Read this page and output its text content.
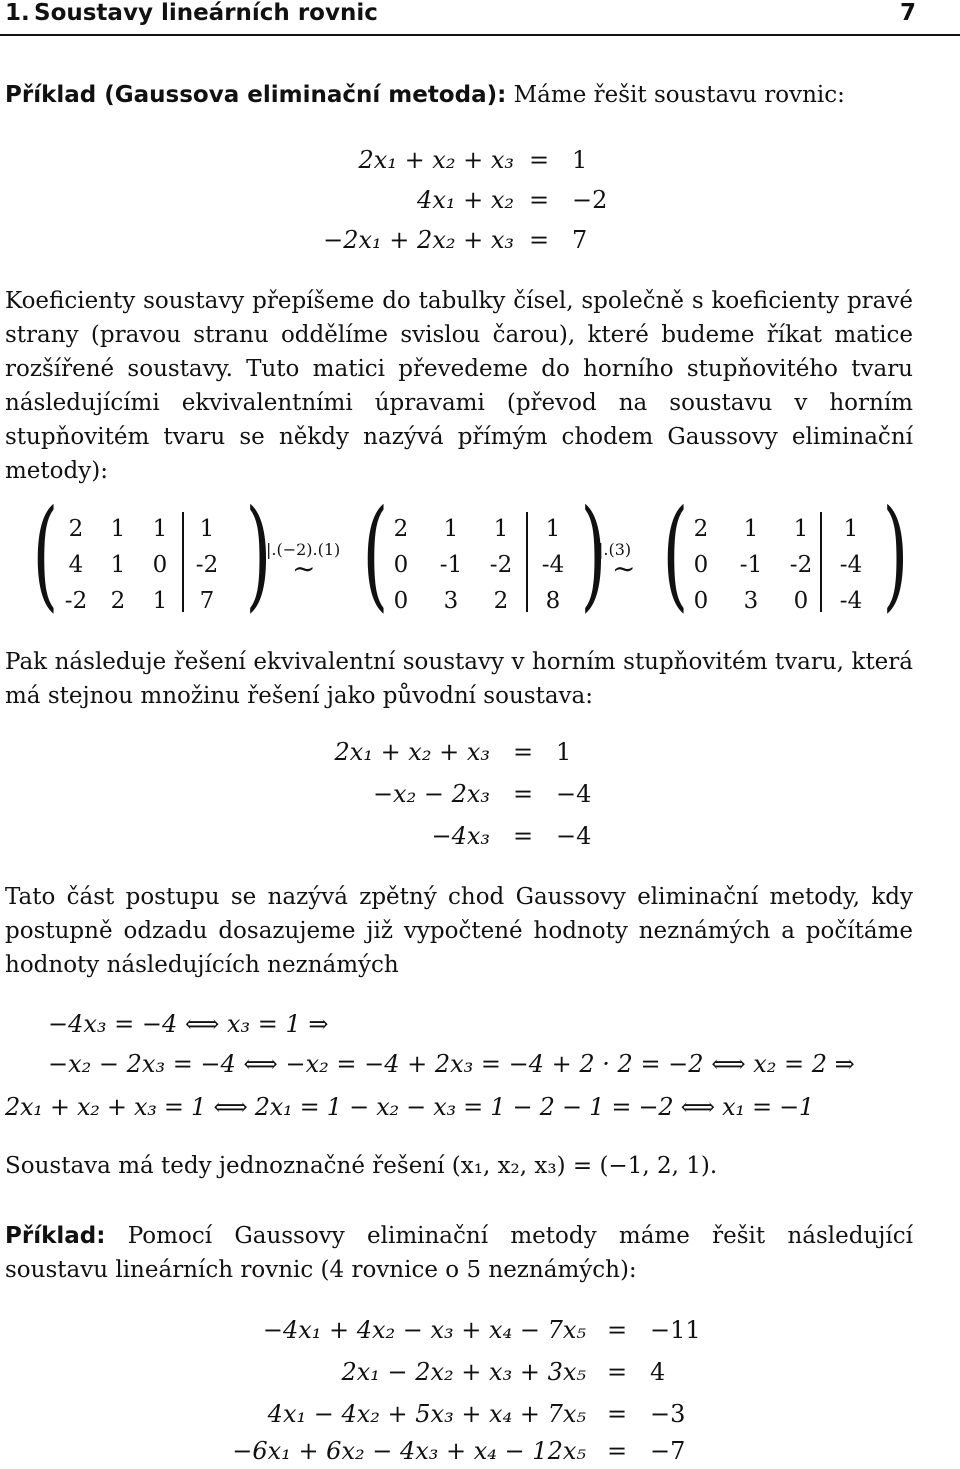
1. Soustavy lineárních rovnic	7
Příklad (Gaussova eliminační metoda): Máme řešit soustavu rovnic:
2x₁ + x₂ + x₃ = 1
4x₁ + x₂ = −2
−2x₁ + 2x₂ + x₃ = 7

Koeficienty soustavy přepíšeme do tabulky čísel, společně s koeficienty pravé strany (pravou stranu oddělíme svislou čarou), které budeme říkat matice rozšířené soustavy. Tuto matici převedeme do horního stupňovitého tvaru následujícími ekvivalentními úpravami (převod na soustavu v horním stupňovitém tvaru se někdy nazývá přímým chodem Gaussovy eliminační metody):

( )
2	1	1	1
4	1	0	-2
-2	2	1	7
|.(−2).(1)
∼ ( )
2	1	1	1
0	-1 -2 -4
0	3	2	8
|.(3)
∼ ( )
2	1	1	1
0	-1 -2 -4
0	3	0	-4

Pak následuje řešení ekvivalentní soustavy v horním stupňovitém tvaru, která má stejnou množinu řešení jako původní soustava:

2x₁ + x₂ + x₃ = 1
−x₂ − 2x₃ = −4
−4x₃ = −4

Tato část postupu se nazývá zpětný chod Gaussovy eliminační metody, kdy postupně odzadu dosazujeme již vypočtené hodnoty neznámých a počítáme hodnoty následujících neznámých

−4x₃ = −4 ⟺ x₃ = 1 ⇒
−x₂ − 2x₃ = −4 ⟺ −x₂ = −4 + 2x₃ = −4 + 2 · 2 = −2 ⟺ x₂ = 2 ⇒
2x₁ + x₂ + x₃ = 1 ⟺ 2x₁ = 1 − x₂ − x₃ = 1 − 2 − 1 = −2 ⟺ x₁ = −1
Soustava má tedy jednoznačné řešení (x₁, x₂, x₃) = (−1, 2, 1).

Příklad: Pomocí Gaussovy eliminační metody máme řešit následující soustavu lineárních rovnic (4 rovnice o 5 neznámých):

−4x₁ + 4x₂ − x₃ + x₄ − 7x₅ = −11
2x₁ − 2x₂ + x₃ + 3x₅ = 4
4x₁ − 4x₂ + 5x₃ + x₄ + 7x₅ = −3
−6x₁ + 6x₂ − 4x₃ + x₄ − 12x₅ = −7
